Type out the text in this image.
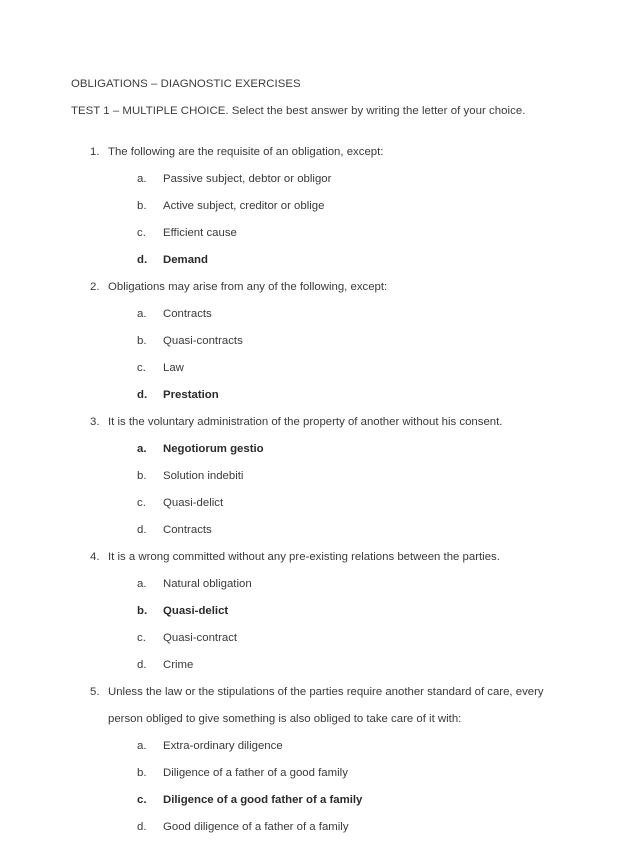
OBLIGATIONS – DIAGNOSTIC EXERCISES
TEST 1 – MULTIPLE CHOICE. Select the best answer by writing the letter of your choice.
1. The following are the requisite of an obligation, except:
a.	Passive subject, debtor or obligor
b.	Active subject, creditor or oblige
c.	Efficient cause
d.	Demand
2. Obligations may arise from any of the following, except:
a.	Contracts
b.	Quasi-contracts
c.	Law
d.	Prestation
3. It is the voluntary administration of the property of another without his consent.
a.	Negotiorum gestio
b.	Solution indebiti
c.	Quasi-delict
d.	Contracts
4. It is a wrong committed without any pre-existing relations between the parties.
a.	Natural obligation
b.	Quasi-delict
c.	Quasi-contract
d.	Crime
5. Unless the law or the stipulations of the parties require another standard of care, every person obliged to give something is also obliged to take care of it with:
a.	Extra-ordinary diligence
b.	Diligence of a father of a good family
c.	Diligence of a good father of a family
d.	Good diligence of a father of a family
